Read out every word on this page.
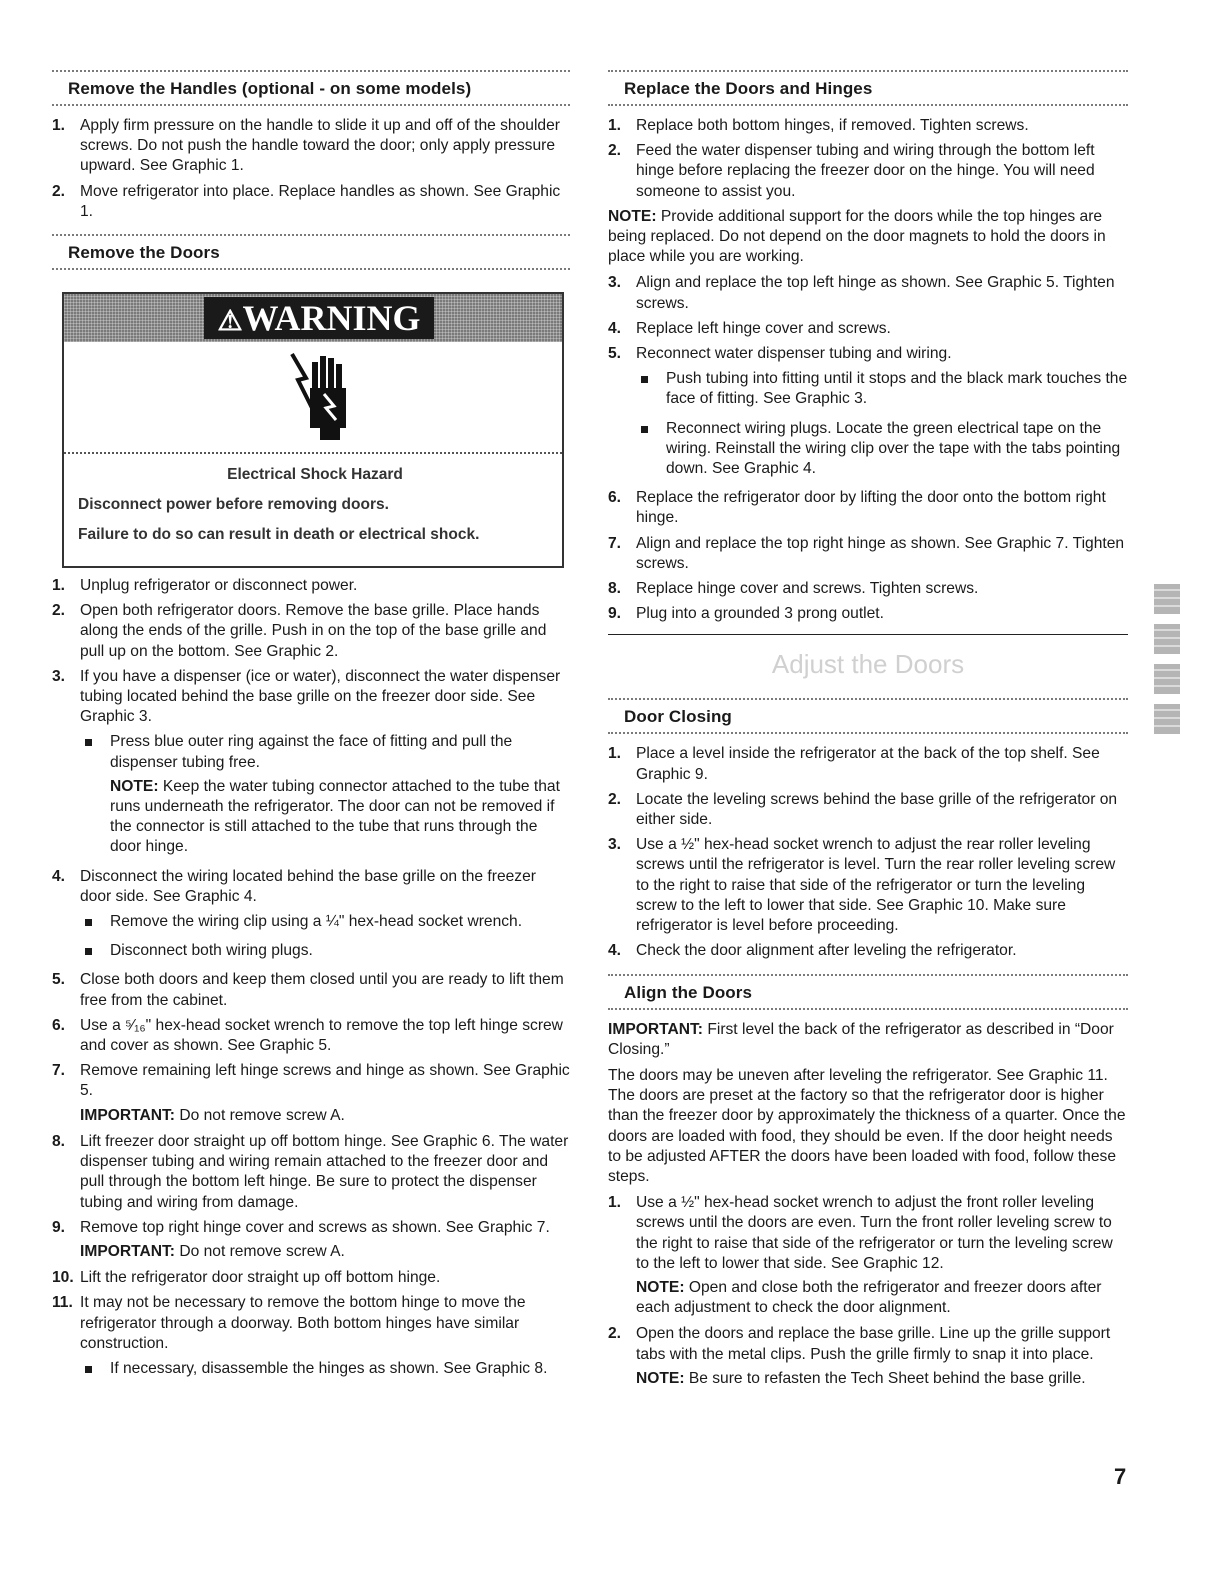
Remove the Handles (optional - on some models)
1. Apply firm pressure on the handle to slide it up and off of the shoulder screws. Do not push the handle toward the door; only apply pressure upward. See Graphic 1.
2. Move refrigerator into place. Replace handles as shown. See Graphic 1.
Remove the Doors
⚠WARNING
Electrical Shock Hazard
Disconnect power before removing doors.
Failure to do so can result in death or electrical shock.
1. Unplug refrigerator or disconnect power.
2. Open both refrigerator doors. Remove the base grille. Place hands along the ends of the grille. Push in on the top of the base grille and pull up on the bottom. See Graphic 2.
3. If you have a dispenser (ice or water), disconnect the water dispenser tubing located behind the base grille on the freezer door side. See Graphic 3.
Press blue outer ring against the face of fitting and pull the dispenser tubing free.
NOTE: Keep the water tubing connector attached to the tube that runs underneath the refrigerator. The door can not be removed if the connector is still attached to the tube that runs through the door hinge.
4. Disconnect the wiring located behind the base grille on the freezer door side. See Graphic 4.
Remove the wiring clip using a ¼" hex-head socket wrench.
Disconnect both wiring plugs.
5. Close both doors and keep them closed until you are ready to lift them free from the cabinet.
6. Use a ⁵⁄₁₆" hex-head socket wrench to remove the top left hinge screw and cover as shown. See Graphic 5.
7. Remove remaining left hinge screws and hinge as shown. See Graphic 5.
IMPORTANT: Do not remove screw A.
8. Lift freezer door straight up off bottom hinge. See Graphic 6. The water dispenser tubing and wiring remain attached to the freezer door and pull through the bottom left hinge. Be sure to protect the dispenser tubing and wiring from damage.
9. Remove top right hinge cover and screws as shown. See Graphic 7.
IMPORTANT: Do not remove screw A.
10. Lift the refrigerator door straight up off bottom hinge.
11. It may not be necessary to remove the bottom hinge to move the refrigerator through a doorway. Both bottom hinges have similar construction.
If necessary, disassemble the hinges as shown. See Graphic 8.
Replace the Doors and Hinges
1. Replace both bottom hinges, if removed. Tighten screws.
2. Feed the water dispenser tubing and wiring through the bottom left hinge before replacing the freezer door on the hinge. You will need someone to assist you.

NOTE: Provide additional support for the doors while the top hinges are being replaced. Do not depend on the door magnets to hold the doors in place while you are working.

3. Align and replace the top left hinge as shown. See Graphic 5. Tighten screws.
4. Replace left hinge cover and screws.
5. Reconnect water dispenser tubing and wiring.
Push tubing into fitting until it stops and the black mark touches the face of fitting. See Graphic 3.
Reconnect wiring plugs. Locate the green electrical tape on the wiring. Reinstall the wiring clip over the tape with the tabs pointing down. See Graphic 4.
6. Replace the refrigerator door by lifting the door onto the bottom right hinge.
7. Align and replace the top right hinge as shown. See Graphic 7. Tighten screws.
8. Replace hinge cover and screws. Tighten screws.
9. Plug into a grounded 3 prong outlet.
Adjust the Doors
Door Closing
1. Place a level inside the refrigerator at the back of the top shelf. See Graphic 9.
2. Locate the leveling screws behind the base grille of the refrigerator on either side.
3. Use a ½" hex-head socket wrench to adjust the rear roller leveling screws until the refrigerator is level. Turn the rear roller leveling screw to the right to raise that side of the refrigerator or turn the leveling screw to the left to lower that side. See Graphic 10. Make sure refrigerator is level before proceeding.
4. Check the door alignment after leveling the refrigerator.
Align the Doors

IMPORTANT: First level the back of the refrigerator as described in “Door Closing.”

The doors may be uneven after leveling the refrigerator. See Graphic 11. The doors are preset at the factory so that the refrigerator door is higher than the freezer door by approximately the thickness of a quarter. Once the doors are loaded with food, they should be even. If the door height needs to be adjusted AFTER the doors have been loaded with food, follow these steps.

1. Use a ½" hex-head socket wrench to adjust the front roller leveling screws until the doors are even. Turn the front roller leveling screw to the right to raise that side of the refrigerator or turn the leveling screw to the left to lower that side. See Graphic 12.
NOTE: Open and close both the refrigerator and freezer doors after each adjustment to check the door alignment.
2. Open the doors and replace the base grille. Line up the grille support tabs with the metal clips. Push the grille firmly to snap it into place.
NOTE: Be sure to refasten the Tech Sheet behind the base grille.
7
